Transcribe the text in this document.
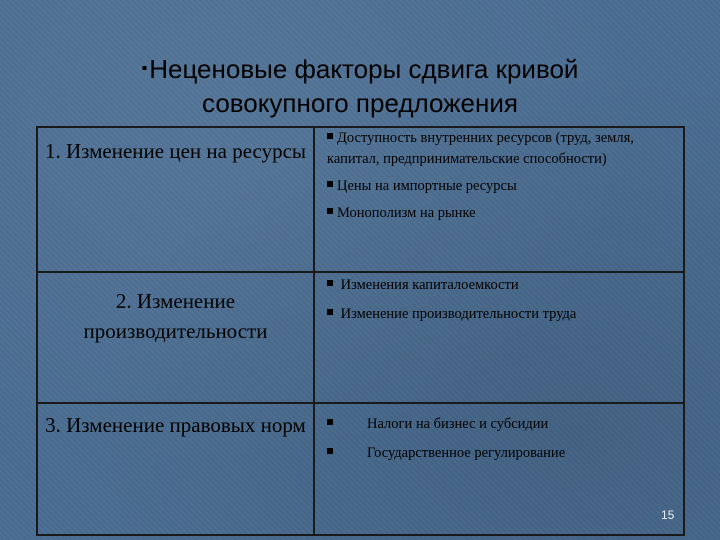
▪Неценовые факторы сдвига кривой
совокупного предложения
1. Изменение цен на ресурсы	Доступность внутренних ресурсов (труд, земля, капитал, предпринимательские способности)
Цены на импортные ресурсы
Монополизм на рынке

2. Изменение производительности	Изменения капиталоемкости
Изменение производительности труда

3. Изменение правовых норм	Налоги на бизнес и субсидии
Государственное регулирование
15
